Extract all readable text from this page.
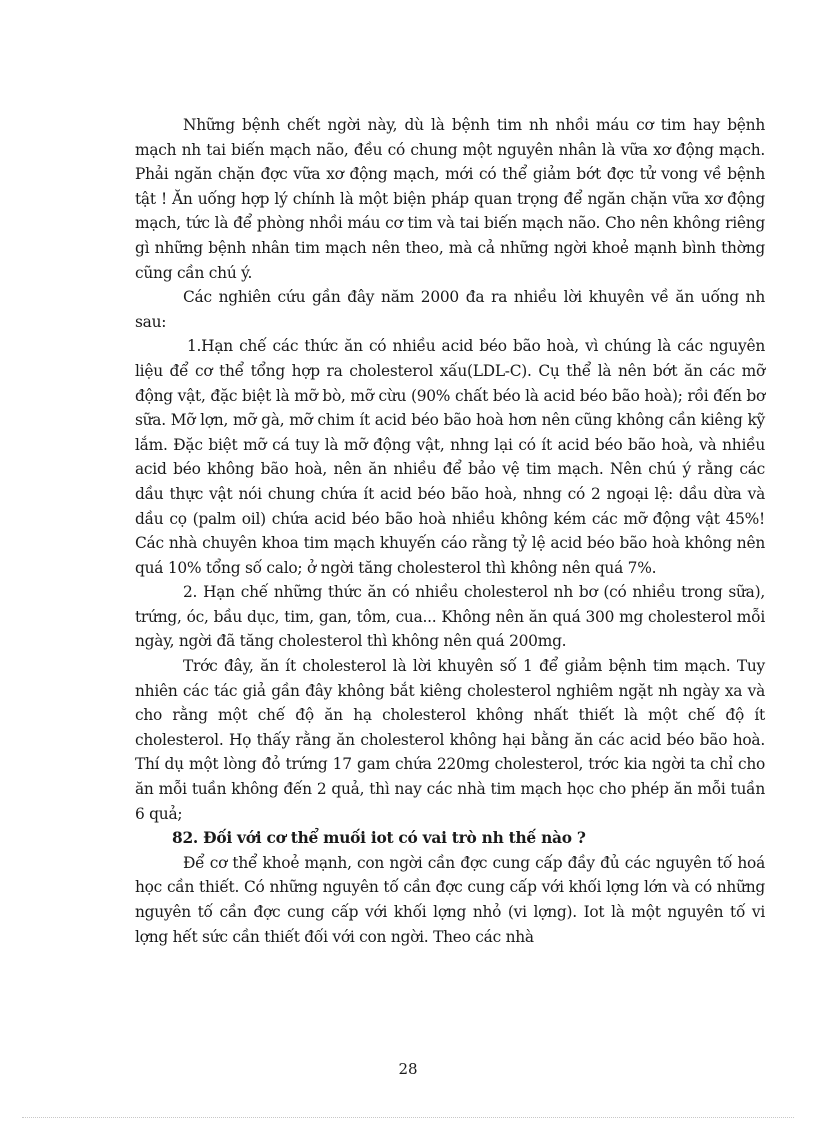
Những bệnh chết ngời này, dù là bệnh tim nh nhồi máu cơ tim hay bệnh mạch nh tai biến mạch não, đều có chung một nguyên nhân là vữa xơ động mạch. Phải ngăn chặn đợc vữa xơ động mạch, mới có thể giảm bớt đợc tử vong về bệnh tật ! Ăn uống hợp lý chính là một biện pháp quan trọng để ngăn chặn vữa xơ động mạch, tức là để phòng nhồi máu cơ tim và tai biến mạch não. Cho nên không riêng gì những bệnh nhân tim mạch nên theo, mà cả những ngời khoẻ mạnh bình thờng cũng cần chú ý.

Các nghiên cứu gần đây năm 2000 đa ra nhiều lời khuyên về ăn uống nh sau:

1.Hạn chế các thức ăn có nhiều acid béo bão hoà, vì chúng là các nguyên liệu để cơ thể tổng hợp ra cholesterol xấu(LDL-C). Cụ thể là nên bớt ăn các mỡ động vật, đặc biệt là mỡ bò, mỡ cừu (90% chất béo là acid béo bão hoà); rồi đến bơ sữa. Mỡ lợn, mỡ gà, mỡ chim ít acid béo bão hoà hơn nên cũng không cần kiêng kỹ lắm. Đặc biệt mỡ cá tuy là mỡ động vật, nhng lại có ít acid béo bão hoà, và nhiều acid béo không bão hoà, nên ăn nhiều để bảo vệ tim mạch. Nên chú ý rằng các dầu thực vật nói chung chứa ít acid béo bão hoà, nhng có 2 ngoại lệ: dầu dừa và dầu cọ (palm oil) chứa acid béo bão hoà nhiều không kém các mỡ động vật 45%! Các nhà chuyên khoa tim mạch khuyến cáo rằng tỷ lệ acid béo bão hoà không nên quá 10% tổng số calo; ở ngời tăng cholesterol thì không nên quá 7%.

2. Hạn chế những thức ăn có nhiều cholesterol nh bơ (có nhiều trong sữa), trứng, óc, bầu dục, tim, gan, tôm, cua... Không nên ăn quá 300 mg cholesterol mỗi ngày, ngời đã tăng cholesterol thì không nên quá 200mg.

Trớc đây, ăn ít cholesterol là lời khuyên số 1 để giảm bệnh tim mạch. Tuy nhiên các tác giả gần đây không bắt kiêng cholesterol nghiêm ngặt nh ngày xa và cho rằng một chế độ ăn hạ cholesterol không nhất thiết là một chế độ ít cholesterol. Họ thấy rằng ăn cholesterol không hại bằng ăn các acid béo bão hoà. Thí dụ một lòng đỏ trứng 17 gam chứa 220mg cholesterol, trớc kia ngời ta chỉ cho ăn mỗi tuần không đến 2 quả, thì nay các nhà tim mạch học cho phép ăn mỗi tuần 6 quả;

82. Đối với cơ thể muối iot có vai trò nh thế nào ?

Để cơ thể khoẻ mạnh, con ngời cần đợc cung cấp đầy đủ các nguyên tố hoá học cần thiết. Có những nguyên tố cần đợc cung cấp với khối lợng lớn và có những nguyên tố cần đợc cung cấp với khối lợng nhỏ (vi lợng). Iot là một nguyên tố vi lợng hết sức cần thiết đối với con ngời. Theo các nhà

28
